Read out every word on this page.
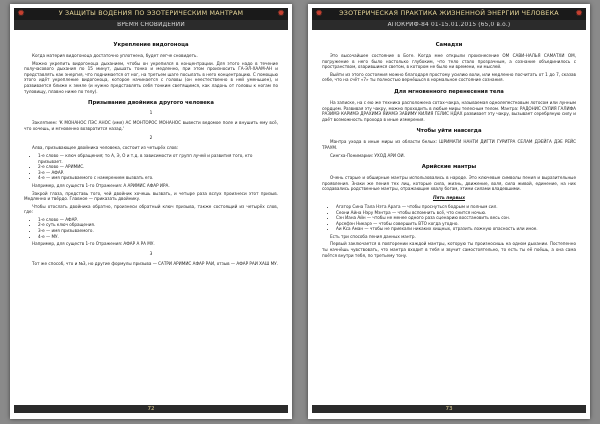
✹	У ЗАЩИТЫ ВОДЕНИЯ ПО ЭЗОТЕРИЧЕСКИМ МАНТРАМ	✹
ВРЕМЯ СНОВИДЕНИЙ
Укрепление видогоноца

Когда материя видогоноца достаточно уплотнена, будет легче сновидеть.

Можно укрепить видогоноца дыханием, чтобы он укрепился в концентрации. Для этого надо в течение получасового дыхания по 15 минут, дышать тонко и медленно, при этом произносить ГА-ЭЛ-ХААМ-АН и представлять как энергия, что поднимается от ног, на третьем шаге посылать в него концентрацию. С помощью этого идёт укрепление видогоноца, которое начинается с головы (он неестественно в ней уменьшен), и развивается ближе к земле (и нужно представлять себя тонким светящимся, как ладонь от головы к ногам по туловищу, плавно ниже по телу).

Призывание двойника другого человека
1

Заклятием: 'К МОНАНОС ПЭС АНОС (имя) АС МОНТОРОС МОНАНОС вывести ведомое поле и внушить ему всё, что хочешь, и мгновенно возвратится назад.'

2

Алва, призывающее двойника человека, состоит из четырёх слов:

• 1-е слово — ключ обращения; то А, Э, О и т.д. в зависимости от групп лучей и развития того, кто призывает.
• 2-е слово — АРИМИС.
• 3-е — АФАР.
• 4-е — имя призываемого с намерением вызвать его.

Например, для существ 1-го Отражения: А АРИМИС АФАР ИРА.

Закрой глаза, представь того, чей двойник хочешь вызвать, и четыре раза вслух произнеси этот призыв. Медленно и твёрдо. Главное — приказать двойнику.

Чтобы отослать двойника обратно, произнеси обратный ключ призыва, также состоящий из четырёх слов, где:

• 1-е слово — АФАР.
• 2-е суть ключ обращения.
• 3-е — имя призываемого.
• 4-е — МУ.

Например, для существ 1-го Отражения: АФАР А РА МУ.

3

Тот же способ, что и №3, но другие формулы призыва — САТРИ АРИМИС АФАР РАИ, отзыв — АФАР РАИ ХАШ МУ.

72
✹	ЭЗОТЕРИЧЕСКАЯ ПРАКТИКА ЖИЗНЕННОЙ ЭНЕРГИИ ЧЕЛОВЕКА	✹
АПОКРИФ-84 01-15.01.2015 (65,0 в.о.)
Самадхи

Это высочайшее состояние в Боге. Когда мне открыли произнесение ОМ САВИ-НАЛЬЯ САМАТХИ ОМ, погружение в него было настолько глубоким, что тело стало прозрачным, а сознание объединилось с пространством, озарившимся светом, в котором не было ни времени, ни мыслей.

Выйти из этого состояния можно благодаря простому усилию воли, или медленно посчитать от 1 до 7, сказав себе, что на счёт «7» ты полностью вернёшься в нормальное состояние сознания.

Для мгновенного перенесения тела

На записке, на с ею же техника расположена сотах-чакра, называемая однолепестковым лотосом или лунным сердцем. Развивая эту чакру, можно проходить в любые миры телесным телом. Мантра: РАДОНИС СУЛИЯ ГАЛИФА РАЗИМЭ КАРИМЭ ДРАХИМЭ ЯИАМЭ ЗАВИМУ КИЛИЯ ГЕЛИС НДАХ развивает эту чакру, вызывает серебряную силу и даёт возможность прохода в иные измерения.

Чтобы уйти навсегда

Мантра ухода в иные миры из области белых: ШРИМАТИ НАНТИ ДИГТИ ГУРИТРА СЕЛАМ ДЭЕЙГА ДЭЕ РЕЙС ТРАУМ.

Сингха-Понимарии: УХОД АРИ ОИ.

Арийские мантры

Очень старые и обширные мантры использовались в народе. Это ключевые символы пения и выразительные проявления. Знаки же пения тех лиц, которые сила, жизнь, движение, воля, сила живой, единение, на них создавались родственные мантры, отражающие хвалу богам, этими силами владевшими.

Пять первых
• Агатор Сина Тала Нэта Арага — чтобы проснуться бодрым и полным сил.
• Сеони Айна Нэру Мэнтра — чтобы вспомнить всё, что снится ночью.
• Сэн Иана Айн — чтобы не менее одного раза сценарию восстановить весь сон.
• Арсефэн Никарэ — чтобы совершить ВТО когда угодно.
• Аи Кса Аман — чтобы не приехали никаких хищных, отразить ложную опасность или иное.

Есть три способа пения данных мантр.

Первый заключается в повторении каждой мантры, которую ты произносишь на одном дыхании. Постепенно ты начнёшь чувствовать, что мантра входит в тебя и звучит самостоятельно, то есть ты её поёшь, а она сама поётся внутри тебя, по третьему тону.

73
